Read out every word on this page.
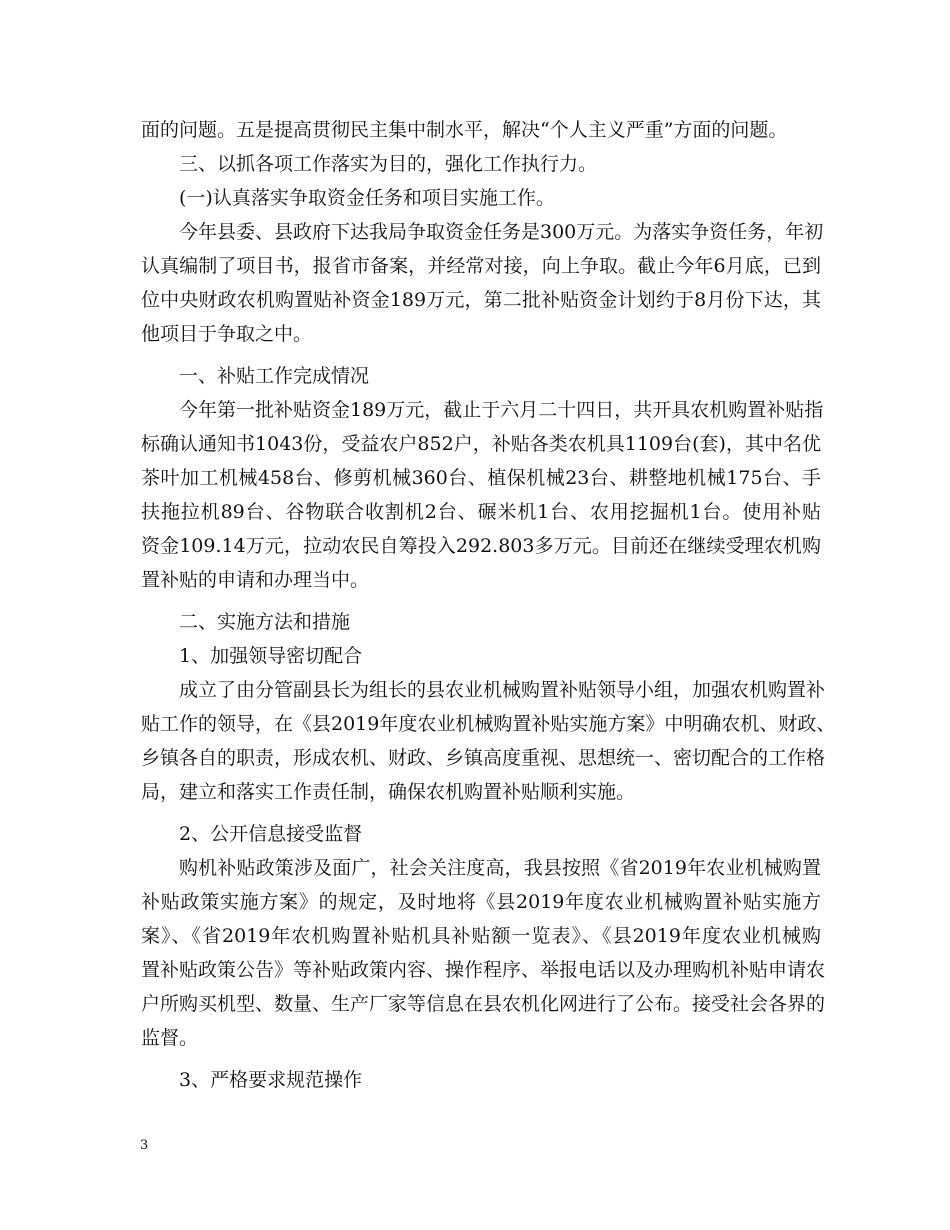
面的问题。五是提高贯彻民主集中制水平，解决“个人主义严重”方面的问题。
三、以抓各项工作落实为目的，强化工作执行力。
(一)认真落实争取资金任务和项目实施工作。
今年县委、县政府下达我局争取资金任务是300万元。为落实争资任务，年初
认真编制了项目书，报省市备案，并经常对接，向上争取。截止今年6月底，已到
位中央财政农机购置贴补资金189万元，第二批补贴资金计划约于8月份下达，其
他项目于争取之中。
一、补贴工作完成情况
今年第一批补贴资金189万元，截止于六月二十四日，共开具农机购置补贴指
标确认通知书1043份，受益农户852户，补贴各类农机具1109台(套)，其中名优
茶叶加工机械458台、修剪机械360台、植保机械23台、耕整地机械175台、手
扶拖拉机89台、谷物联合收割机2台、碾米机1台、农用挖掘机1台。使用补贴
资金109.14万元，拉动农民自筹投入292.803多万元。目前还在继续受理农机购
置补贴的申请和办理当中。
二、实施方法和措施
1、加强领导密切配合
成立了由分管副县长为组长的县农业机械购置补贴领导小组，加强农机购置补
贴工作的领导，在《县2019年度农业机械购置补贴实施方案》中明确农机、财政、
乡镇各自的职责，形成农机、财政、乡镇高度重视、思想统一、密切配合的工作格
局，建立和落实工作责任制，确保农机购置补贴顺利实施。
2、公开信息接受监督
购机补贴政策涉及面广，社会关注度高，我县按照《省2019年农业机械购置
补贴政策实施方案》的规定，及时地将《县2019年度农业机械购置补贴实施方
案》、《省2019年农机购置补贴机具补贴额一览表》、《县2019年度农业机械购
置补贴政策公告》等补贴政策内容、操作程序、举报电话以及办理购机补贴申请农
户所购买机型、数量、生产厂家等信息在县农机化网进行了公布。接受社会各界的
监督。
3、严格要求规范操作
3
